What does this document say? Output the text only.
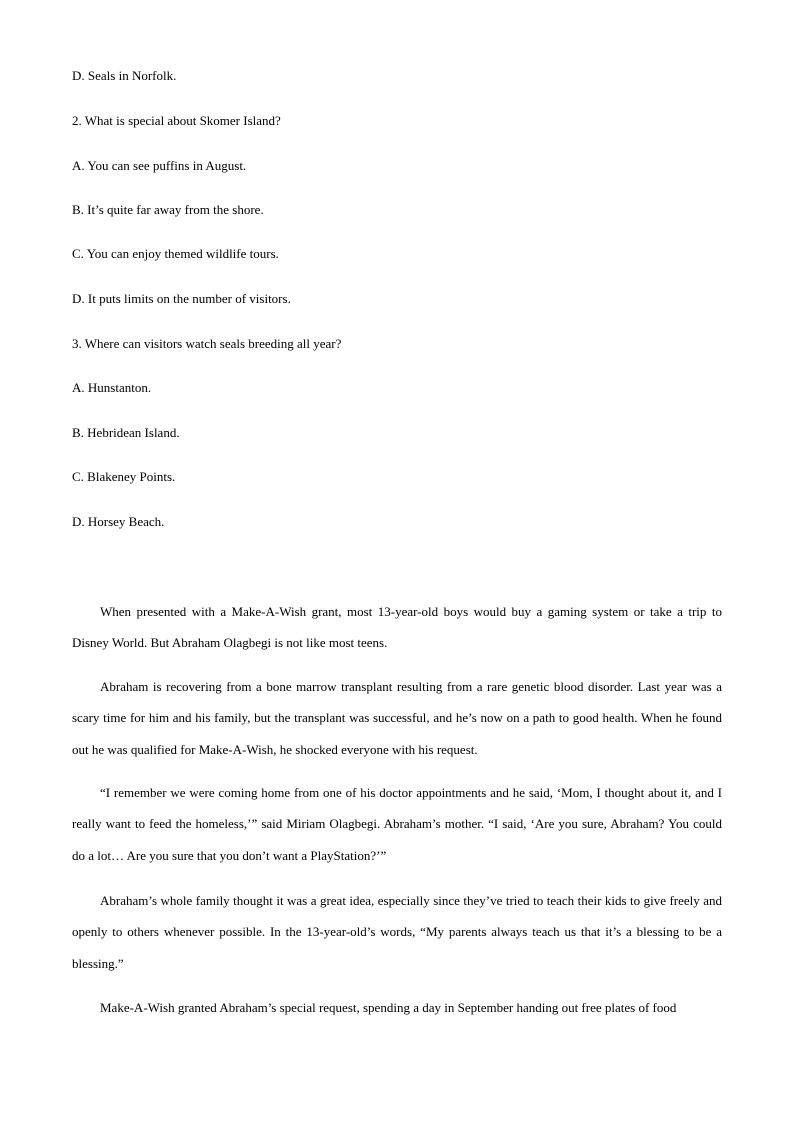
D. Seals in Norfolk.
2. What is special about Skomer Island?
A. You can see puffins in August.
B. It’s quite far away from the shore.
C. You can enjoy themed wildlife tours.
D. It puts limits on the number of visitors.
3. Where can visitors watch seals breeding all year?
A. Hunstanton.
B. Hebridean Island.
C. Blakeney Points.
D. Horsey Beach.

When presented with a Make-A-Wish grant, most 13-year-old boys would buy a gaming system or take a trip to Disney World. But Abraham Olagbegi is not like most teens.

Abraham is recovering from a bone marrow transplant resulting from a rare genetic blood disorder. Last year was a scary time for him and his family, but the transplant was successful, and he’s now on a path to good health. When he found out he was qualified for Make-A-Wish, he shocked everyone with his request.

“I remember we were coming home from one of his doctor appointments and he said, ‘Mom, I thought about it, and I really want to feed the homeless,’” said Miriam Olagbegi. Abraham’s mother. “I said, ‘Are you sure, Abraham? You could do a lot… Are you sure that you don’t want a PlayStation?’”

Abraham’s whole family thought it was a great idea, especially since they’ve tried to teach their kids to give freely and openly to others whenever possible. In the 13-year-old’s words, “My parents always teach us that it’s a blessing to be a blessing.”

Make-A-Wish granted Abraham’s special request, spending a day in September handing out free plates of food
